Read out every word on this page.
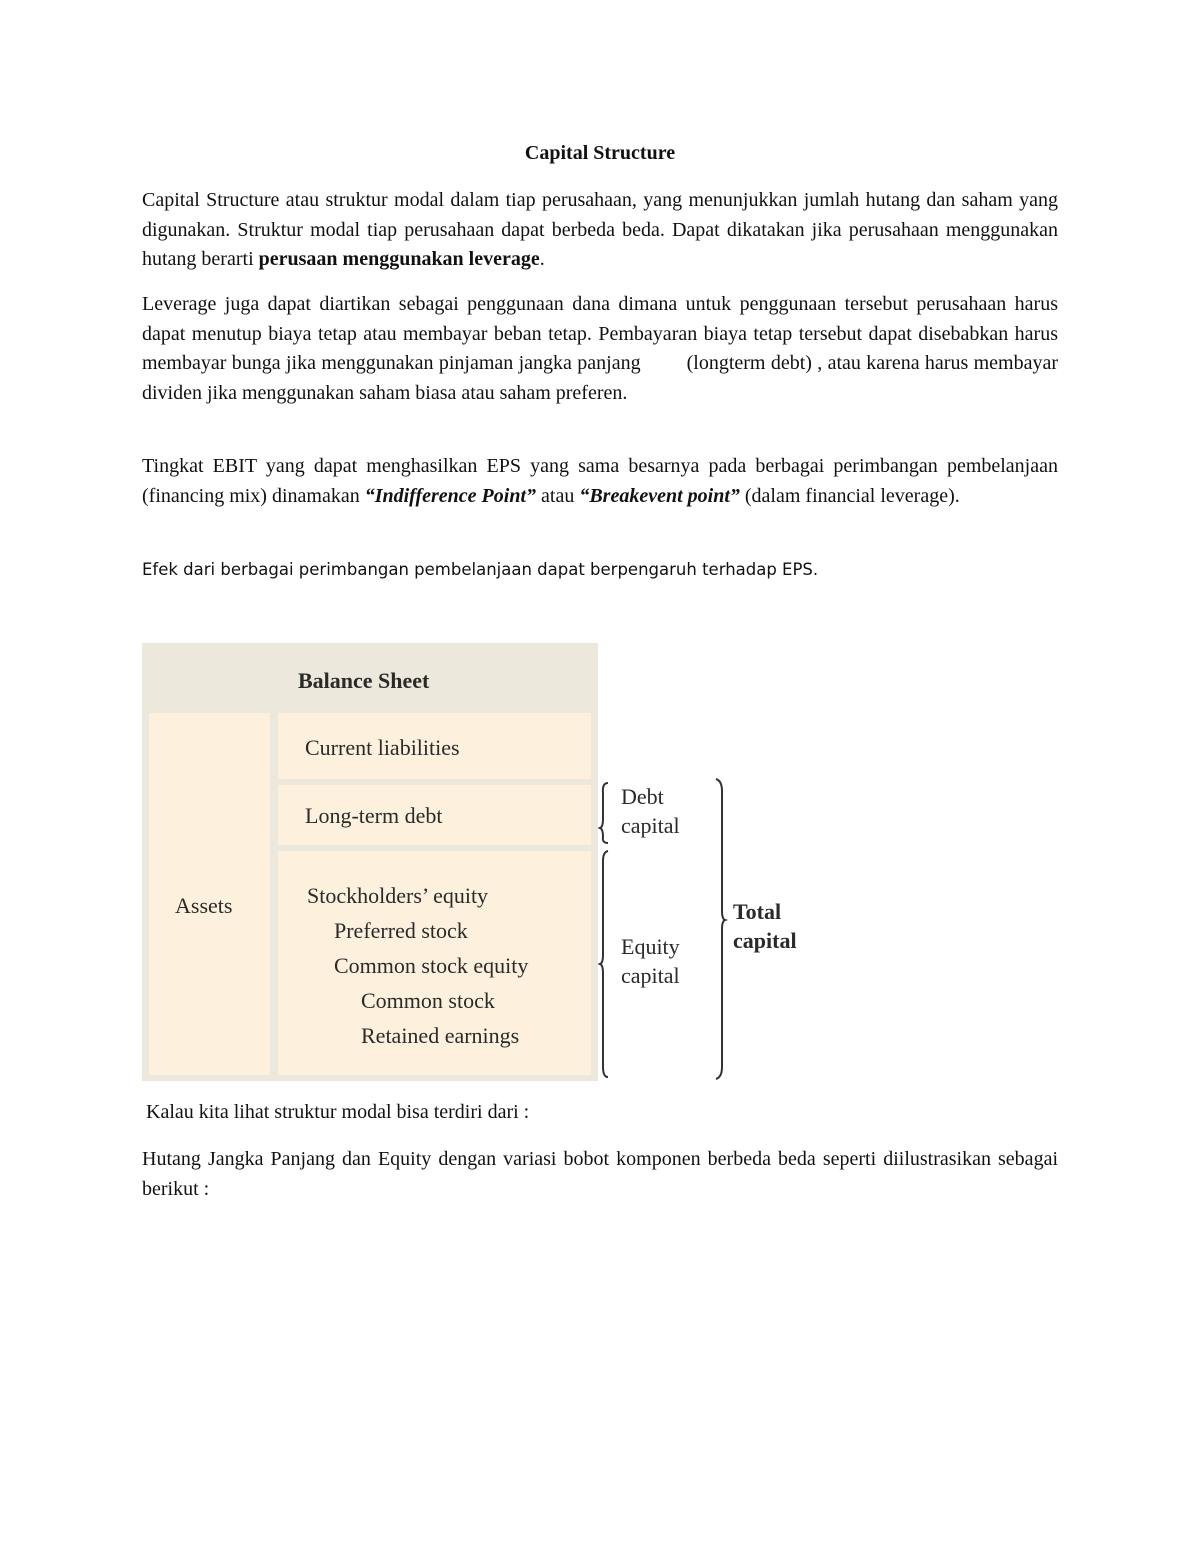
Capital Structure
Capital Structure atau struktur modal dalam tiap perusahaan, yang menunjukkan jumlah hutang dan saham yang digunakan. Struktur modal tiap perusahaan dapat berbeda beda. Dapat dikatakan jika perusahaan menggunakan hutang berarti perusaan menggunakan leverage.
Leverage juga dapat diartikan sebagai penggunaan dana dimana untuk penggunaan tersebut perusahaan harus dapat menutup biaya tetap atau membayar beban tetap. Pembayaran biaya tetap tersebut dapat disebabkan harus membayar bunga jika menggunakan pinjaman jangka panjang (longterm debt) , atau karena harus membayar dividen jika menggunakan saham biasa atau saham preferen.
Tingkat EBIT yang dapat menghasilkan EPS yang sama besarnya pada berbagai perimbangan pembelanjaan (financing mix) dinamakan “Indifference Point” atau “Breakevent point” (dalam financial leverage).
Efek dari berbagai perimbangan pembelanjaan dapat berpengaruh terhadap EPS.
Balance Sheet
Assets
Current liabilities
Long-term debt
Stockholders’ equity
Preferred stock
Common stock equity
Common stock
Retained earnings
Debt
capital
Equity
capital
Total
capital
Kalau kita lihat struktur modal bisa terdiri dari :
Hutang Jangka Panjang dan Equity dengan variasi bobot komponen berbeda beda seperti diilustrasikan sebagai berikut :
